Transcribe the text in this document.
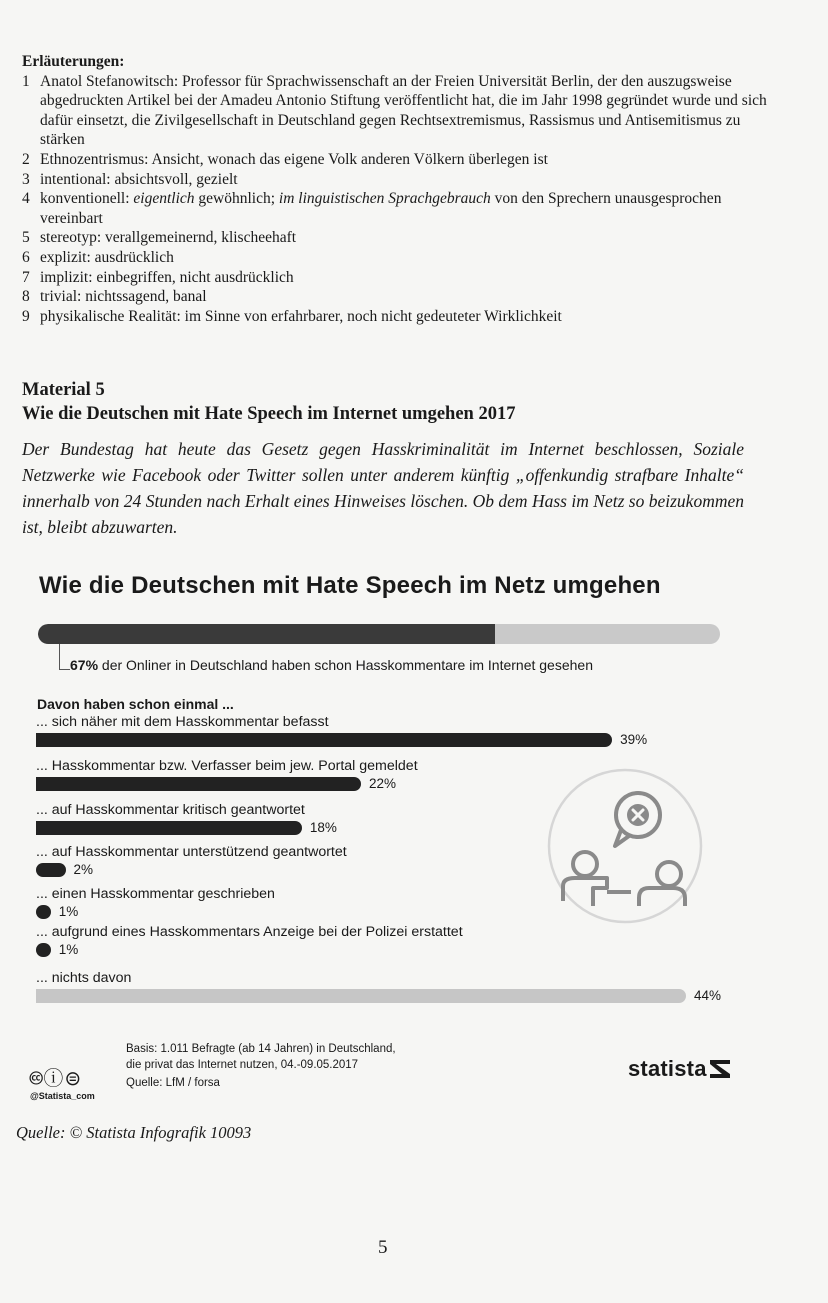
Erläuterungen:
1 Anatol Stefanowitsch: Professor für Sprachwissenschaft an der Freien Universität Berlin, der den auszugsweise abgedruckten Artikel bei der Amadeu Antonio Stiftung veröffentlicht hat, die im Jahr 1998 gegründet wurde und sich dafür einsetzt, die Zivilgesellschaft in Deutschland gegen Rechtsextremismus, Rassismus und Antisemitismus zu stärken
2 Ethnozentrismus: Ansicht, wonach das eigene Volk anderen Völkern überlegen ist
3 intentional: absichtsvoll, gezielt
4 konventionell: eigentlich gewöhnlich; im linguistischen Sprachgebrauch von den Sprechern unausgesprochen vereinbart
5 stereotyp: verallgemeinernd, klischeehaft
6 explizit: ausdrücklich
7 implizit: einbegriffen, nicht ausdrücklich
8 trivial: nichtssagend, banal
9 physikalische Realität: im Sinne von erfahrbarer, noch nicht gedeuteter Wirklichkeit
Material 5
Wie die Deutschen mit Hate Speech im Internet umgehen 2017
Der Bundestag hat heute das Gesetz gegen Hasskriminalität im Internet beschlossen, Soziale Netzwerke wie Facebook oder Twitter sollen unter anderem künftig „offenkundig strafbare Inhalte“ innerhalb von 24 Stunden nach Erhalt eines Hinweises löschen. Ob dem Hass im Netz so beizukommen ist, bleibt abzuwarten.
Wie die Deutschen mit Hate Speech im Netz umgehen
67% der Onliner in Deutschland haben schon Hasskommentare im Internet gesehen
Davon haben schon einmal ...
... sich näher mit dem Hasskommentar befasst
39%
... Hasskommentar bzw. Verfasser beim jew. Portal gemeldet
22%
... auf Hasskommentar kritisch geantwortet
18%
... auf Hasskommentar unterstützend geantwortet
2%
... einen Hasskommentar geschrieben
1%
... aufgrund eines Hasskommentars Anzeige bei der Polizei erstattet
1%
... nichts davon
44%
🅭ⓘ⊜
@Statista_com
Basis: 1.011 Befragte (ab 14 Jahren) in Deutschland,
die privat das Internet nutzen, 04.-09.05.2017
Quelle: LfM / forsa
statista
Quelle: © Statista Infografik 10093
5
